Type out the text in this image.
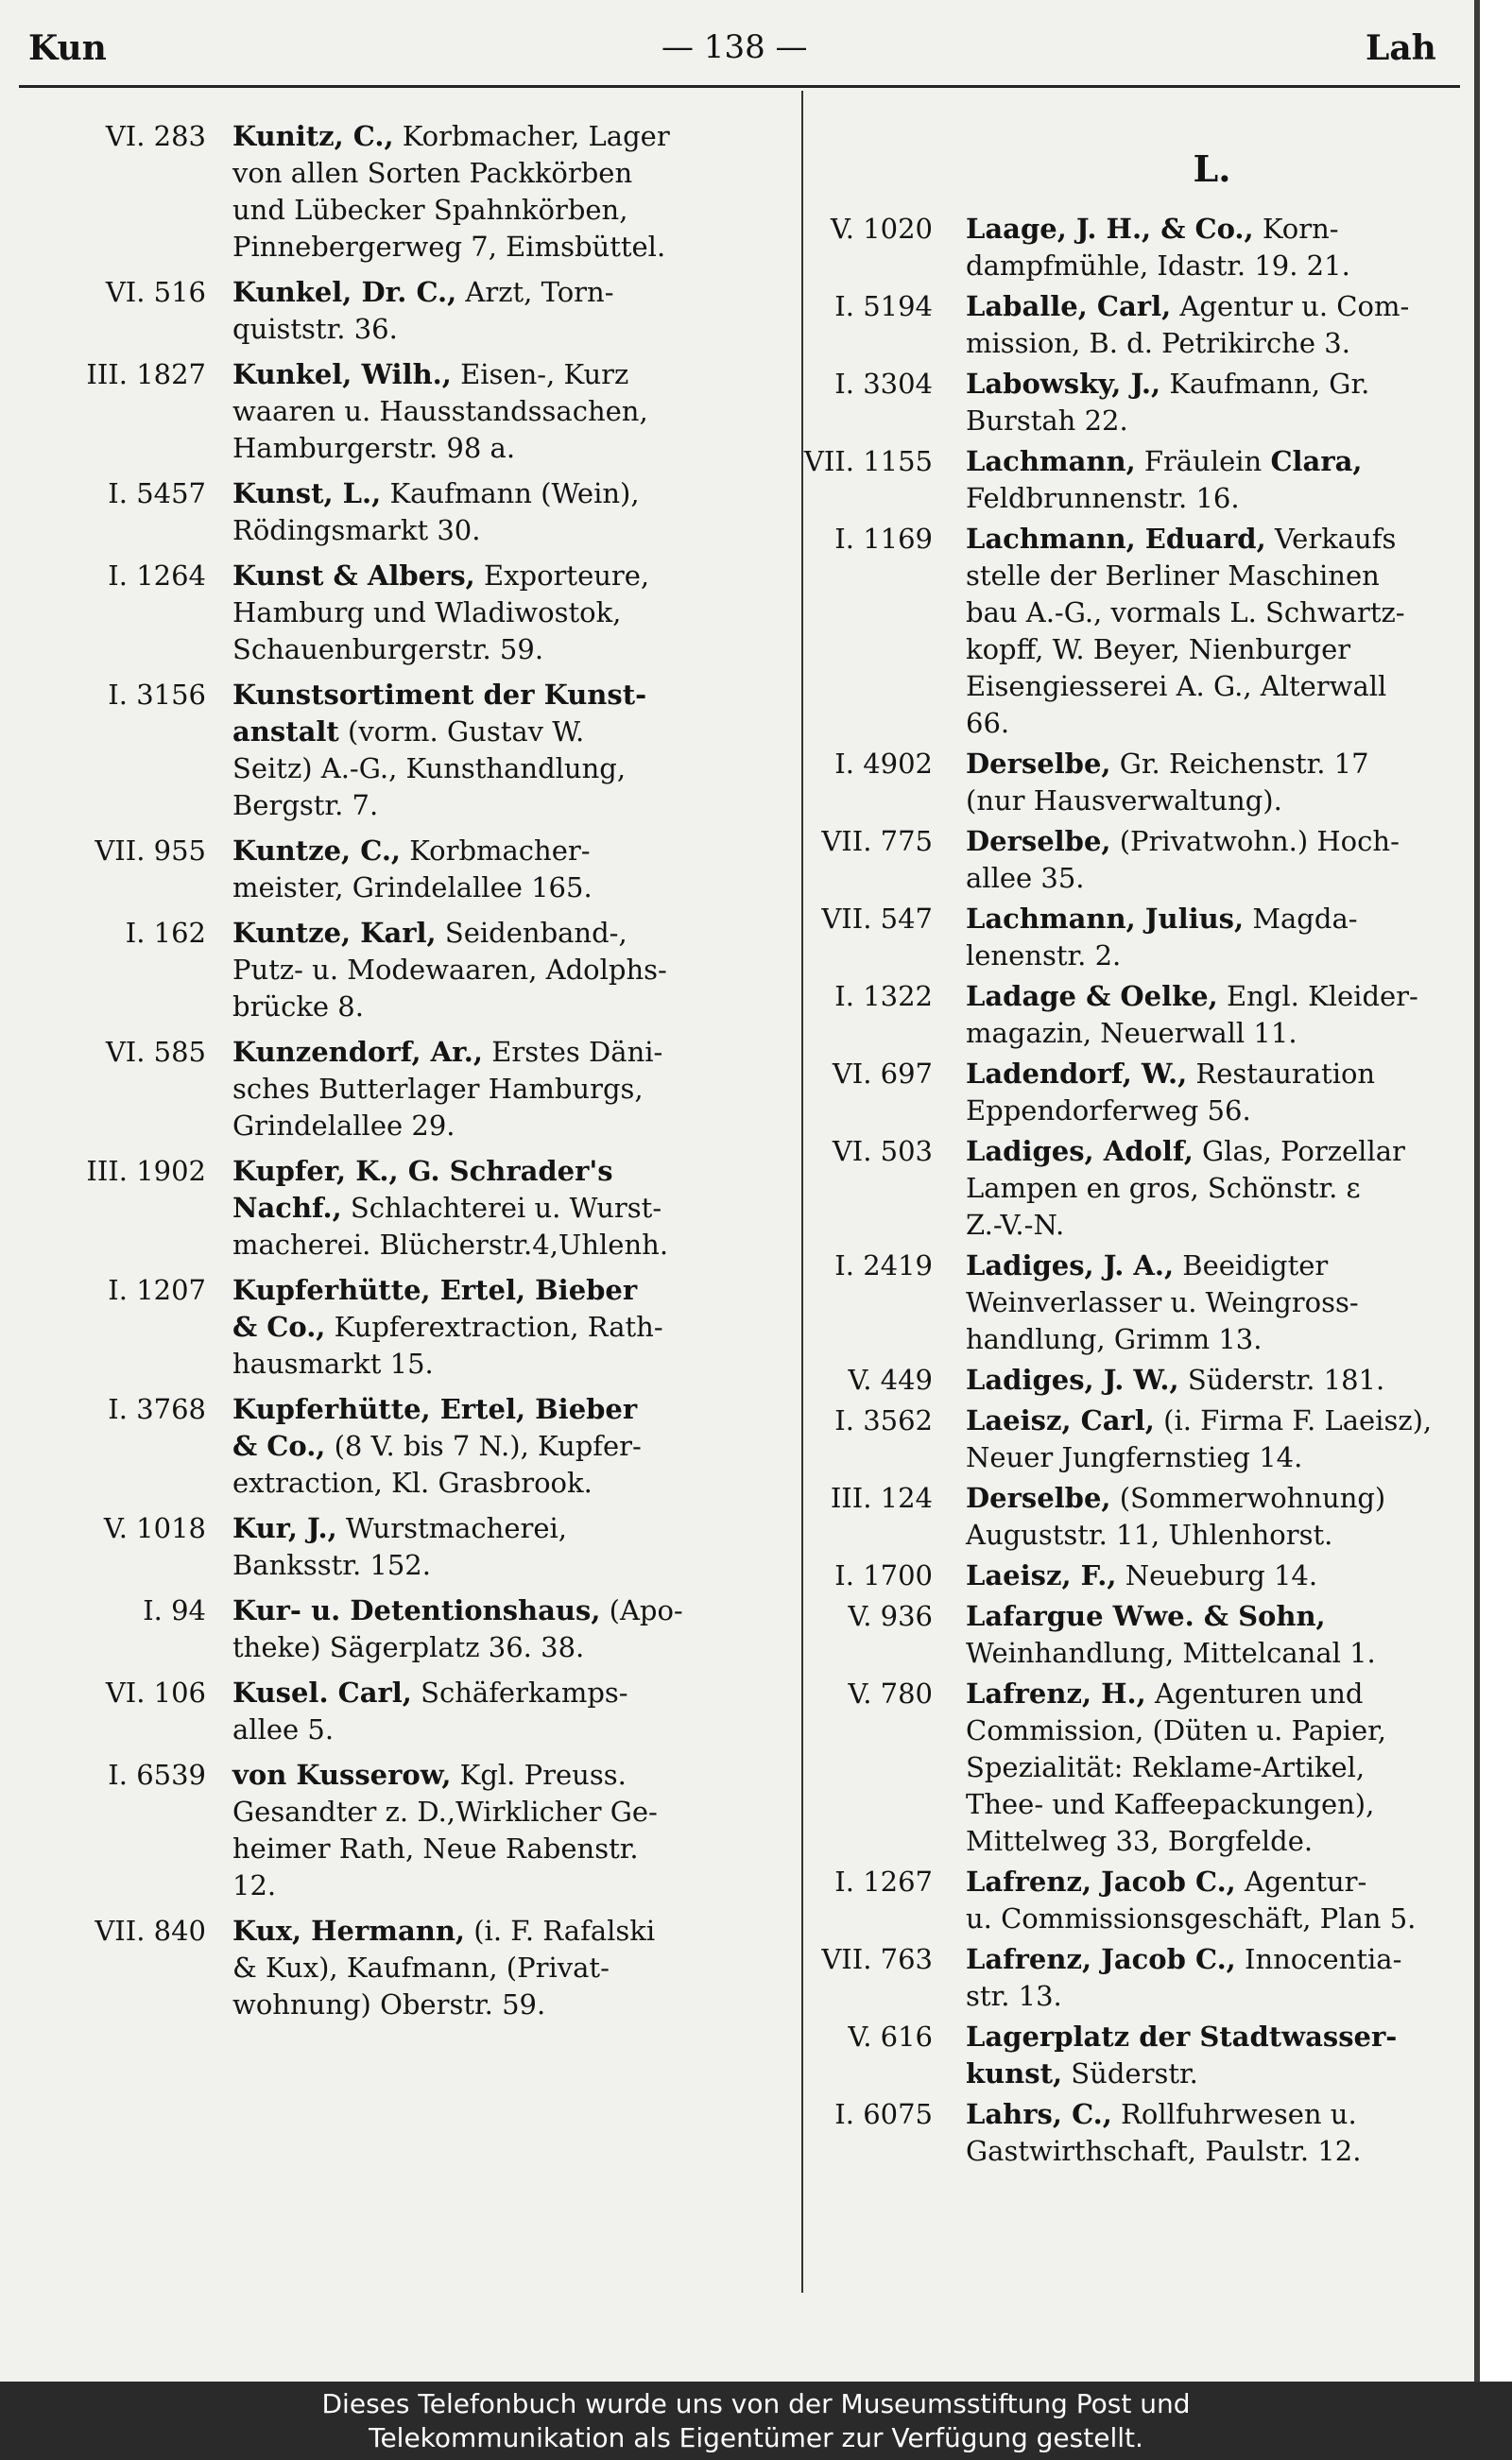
Kun	— 138 —	Lah
VI. 283 Kunitz, C., Korbmacher, Lager
von allen Sorten Packkörben
und Lübecker Spahnkörben,
Pinnebergerweg 7, Eimsbüttel.
VI. 516 Kunkel, Dr. C., Arzt, Torn-
quiststr. 36.
III. 1827 Kunkel, Wilh., Eisen-, Kurz
waaren u. Hausstandssachen,
Hamburgerstr. 98 a.
I. 5457 Kunst, L., Kaufmann (Wein),
Rödingsmarkt 30.
I. 1264 Kunst & Albers, Exporteure,
Hamburg und Wladiwostok,
Schauenburgerstr. 59.
I. 3156 Kunstsortiment der Kunst-
anstalt (vorm. Gustav W.
Seitz) A.-G., Kunsthandlung,
Bergstr. 7.
VII. 955 Kuntze, C., Korbmacher-
meister, Grindelallee 165.
I. 162 Kuntze, Karl, Seidenband-,
Putz- u. Modewaaren, Adolphs-
brücke 8.
VI. 585 Kunzendorf, Ar., Erstes Däni-
sches Butterlager Hamburgs,
Grindelallee 29.
III. 1902 Kupfer, K., G. Schrader's
Nachf., Schlachterei u. Wurst-
macherei. Blücherstr.4,Uhlenh.
I. 1207 Kupferhütte, Ertel, Bieber
& Co., Kupferextraction, Rath-
hausmarkt 15.
I. 3768 Kupferhütte, Ertel, Bieber
& Co., (8 V. bis 7 N.), Kupfer-
extraction, Kl. Grasbrook.
V. 1018 Kur, J., Wurstmacherei,
Banksstr. 152.
I. 94 Kur- u. Detentionshaus, (Apo-
theke) Sägerplatz 36. 38.
VI. 106 Kusel. Carl, Schäferkamps-
allee 5.
I. 6539 von Kusserow, Kgl. Preuss.
Gesandter z. D.,Wirklicher Ge-
heimer Rath, Neue Rabenstr.
12.
VII. 840 Kux, Hermann, (i. F. Rafalski
& Kux), Kaufmann, (Privat-
wohnung) Oberstr. 59.
L.
V. 1020 Laage, J. H., & Co., Korn-
dampfmühle, Idastr. 19. 21.
I. 5194 Laballe, Carl, Agentur u. Com-
mission, B. d. Petrikirche 3.
I. 3304 Labowsky, J., Kaufmann, Gr.
Burstah 22.
VII. 1155 Lachmann, Fräulein Clara,
Feldbrunnenstr. 16.
I. 1169 Lachmann, Eduard, Verkaufs
stelle der Berliner Maschinen
bau A.-G., vormals L. Schwartz-
kopff, W. Beyer, Nienburger
Eisengiesserei A. G., Alterwall
66.
I. 4902 Derselbe, Gr. Reichenstr. 17
(nur Hausverwaltung).
VII. 775 Derselbe, (Privatwohn.) Hoch-
allee 35.
VII. 547 Lachmann, Julius, Magda-
lenenstr. 2.
I. 1322 Ladage & Oelke, Engl. Kleider-
magazin, Neuerwall 11.
VI. 697 Ladendorf, W., Restauration
Eppendorferweg 56.
VI. 503 Ladiges, Adolf, Glas, Porzellar
Lampen en gros, Schönstr. ε
Z.-V.-N.
I. 2419 Ladiges, J. A., Beeidigter
Weinverlasser u. Weingross-
handlung, Grimm 13.
V. 449 Ladiges, J. W., Süderstr. 181.
I. 3562 Laeisz, Carl, (i. Firma F. Laeisz),
Neuer Jungfernstieg 14.
III. 124 Derselbe, (Sommerwohnung)
Auguststr. 11, Uhlenhorst.
I. 1700 Laeisz, F., Neueburg 14.
V. 936 Lafargue Wwe. & Sohn,
Weinhandlung, Mittelcanal 1.
V. 780 Lafrenz, H., Agenturen und
Commission, (Düten u. Papier,
Spezialität: Reklame-Artikel,
Thee- und Kaffeepackungen),
Mittelweg 33, Borgfelde.
I. 1267 Lafrenz, Jacob C., Agentur-
u. Commissionsgeschäft, Plan 5.
VII. 763 Lafrenz, Jacob C., Innocentia-
str. 13.
V. 616 Lagerplatz der Stadtwasser-
kunst, Süderstr.
I. 6075 Lahrs, C., Rollfuhrwesen u.
Gastwirthschaft, Paulstr. 12.
Dieses Telefonbuch wurde uns von der Museumsstiftung Post und
Telekommunikation als Eigentümer zur Verfügung gestellt.
